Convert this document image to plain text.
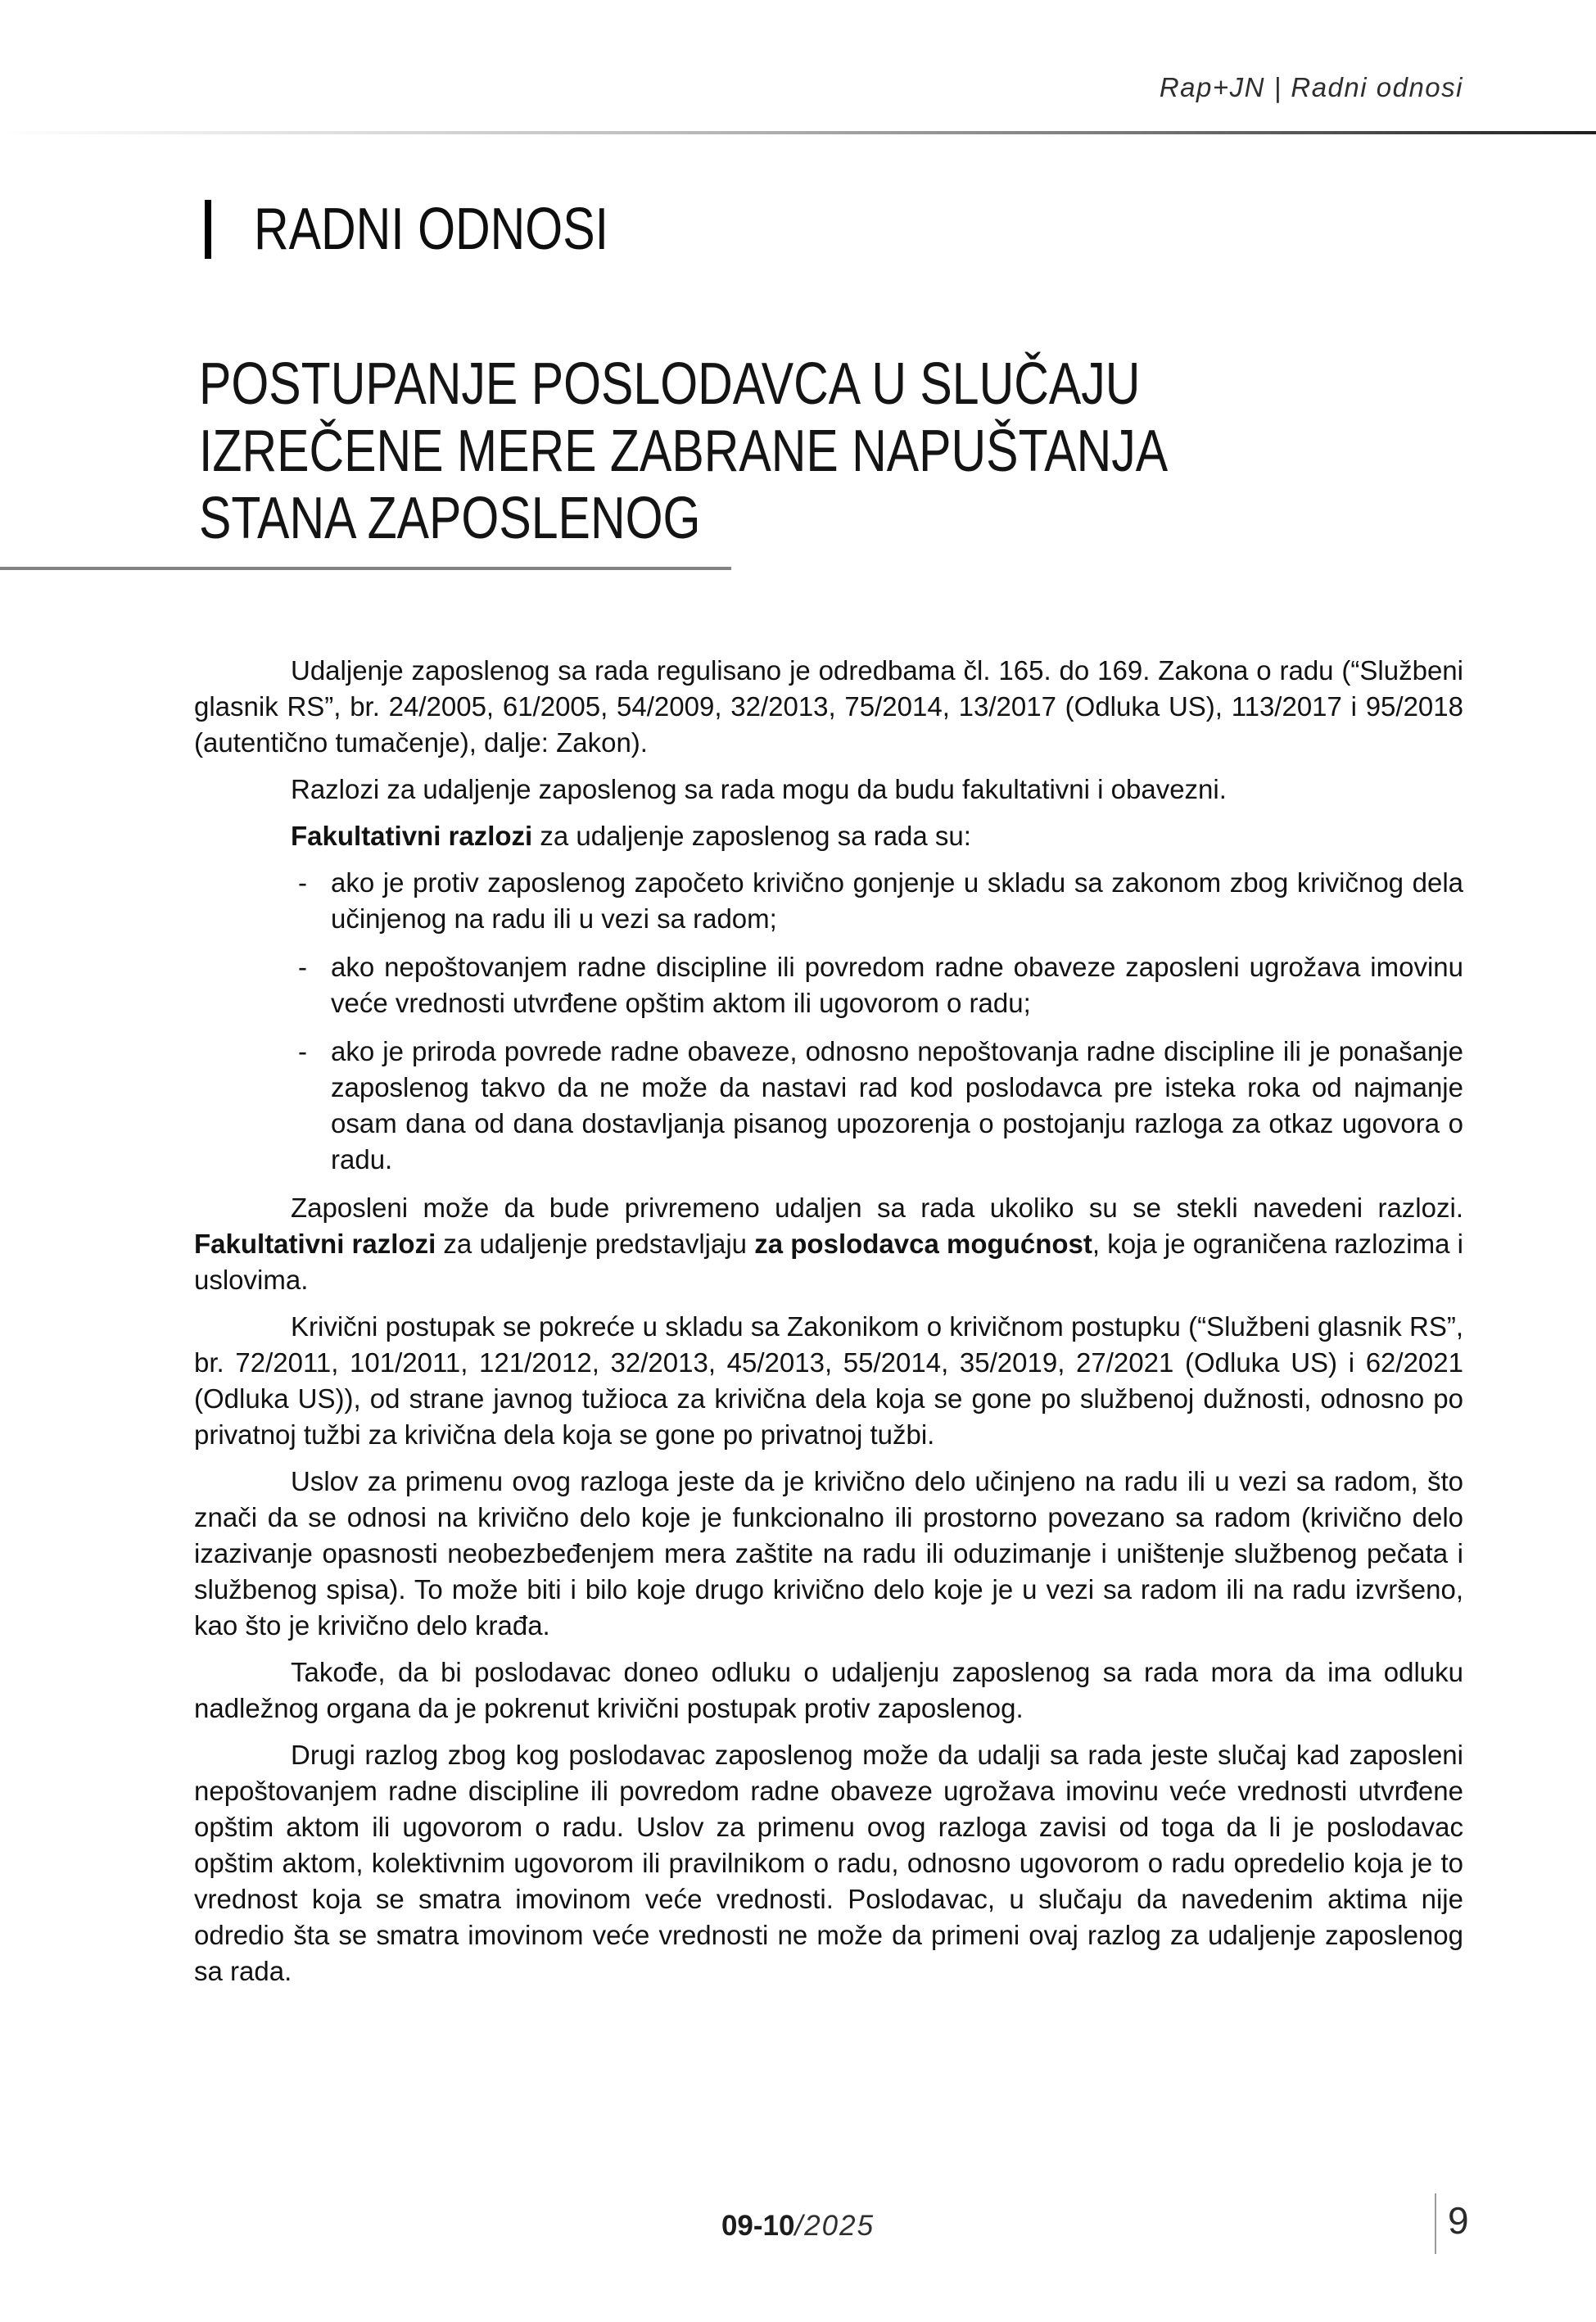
Rap+JN | Radni odnosi
RADNI ODNOSI
POSTUPANJE POSLODAVCA U SLUČAJU
IZREČENE MERE ZABRANE NAPUŠTANJA
STANA ZAPOSLENOG
Udaljenje zaposlenog sa rada regulisano je odredbama čl. 165. do 169. Zakona o radu (“Službeni glasnik RS”, br. 24/2005, 61/2005, 54/2009, 32/2013, 75/2014, 13/2017 (Odluka US), 113/2017 i 95/2018 (autentično tumačenje), dalje: Zakon).
Razlozi za udaljenje zaposlenog sa rada mogu da budu fakultativni i obavezni.
Fakultativni razlozi za udaljenje zaposlenog sa rada su:
- ako je protiv zaposlenog započeto krivično gonjenje u skladu sa zakonom zbog krivičnog dela učinjenog na radu ili u vezi sa radom;
- ako nepoštovanjem radne discipline ili povredom radne obaveze zaposleni ugrožava imovinu veće vrednosti utvrđene opštim aktom ili ugovorom o radu;
- ako je priroda povrede radne obaveze, odnosno nepoštovanja radne discipline ili je ponašanje zaposlenog takvo da ne može da nastavi rad kod poslodavca pre isteka roka od najmanje osam dana od dana dostavljanja pisanog upozorenja o postojanju razloga za otkaz ugovora o radu.
Zaposleni može da bude privremeno udaljen sa rada ukoliko su se stekli navedeni razlozi. Fakultativni razlozi za udaljenje predstavljaju za poslodavca mogućnost, koja je ograničena razlozima i uslovima.
Krivični postupak se pokreće u skladu sa Zakonikom o krivičnom postupku (“Službeni glasnik RS”, br. 72/2011, 101/2011, 121/2012, 32/2013, 45/2013, 55/2014, 35/2019, 27/2021 (Odluka US) i 62/2021 (Odluka US)), od strane javnog tužioca za krivična dela koja se gone po službenoj dužnosti, odnosno po privatnoj tužbi za krivična dela koja se gone po privatnoj tužbi.
Uslov za primenu ovog razloga jeste da je krivično delo učinjeno na radu ili u vezi sa radom, što znači da se odnosi na krivično delo koje je funkcionalno ili prostorno povezano sa radom (krivično delo izazivanje opasnosti neobezbeđenjem mera zaštite na radu ili oduzimanje i uništenje službenog pečata i službenog spisa). To može biti i bilo koje drugo krivično delo koje je u vezi sa radom ili na radu izvršeno, kao što je krivično delo krađa.
Takođe, da bi poslodavac doneo odluku o udaljenju zaposlenog sa rada mora da ima odluku nadležnog organa da je pokrenut krivični postupak protiv zaposlenog.
Drugi razlog zbog kog poslodavac zaposlenog može da udalji sa rada jeste slučaj kad zaposleni nepoštovanjem radne discipline ili povredom radne obaveze ugrožava imovinu veće vrednosti utvrđene opštim aktom ili ugovorom o radu. Uslov za primenu ovog razloga zavisi od toga da li je poslodavac opštim aktom, kolektivnim ugovorom ili pravilnikom o radu, odnosno ugovorom o radu opredelio koja je to vrednost koja se smatra imovinom veće vrednosti. Poslodavac, u slučaju da navedenim aktima nije odredio šta se smatra imovinom veće vrednosti ne može da primeni ovaj razlog za udaljenje zaposlenog sa rada.
09-10/2025	9
